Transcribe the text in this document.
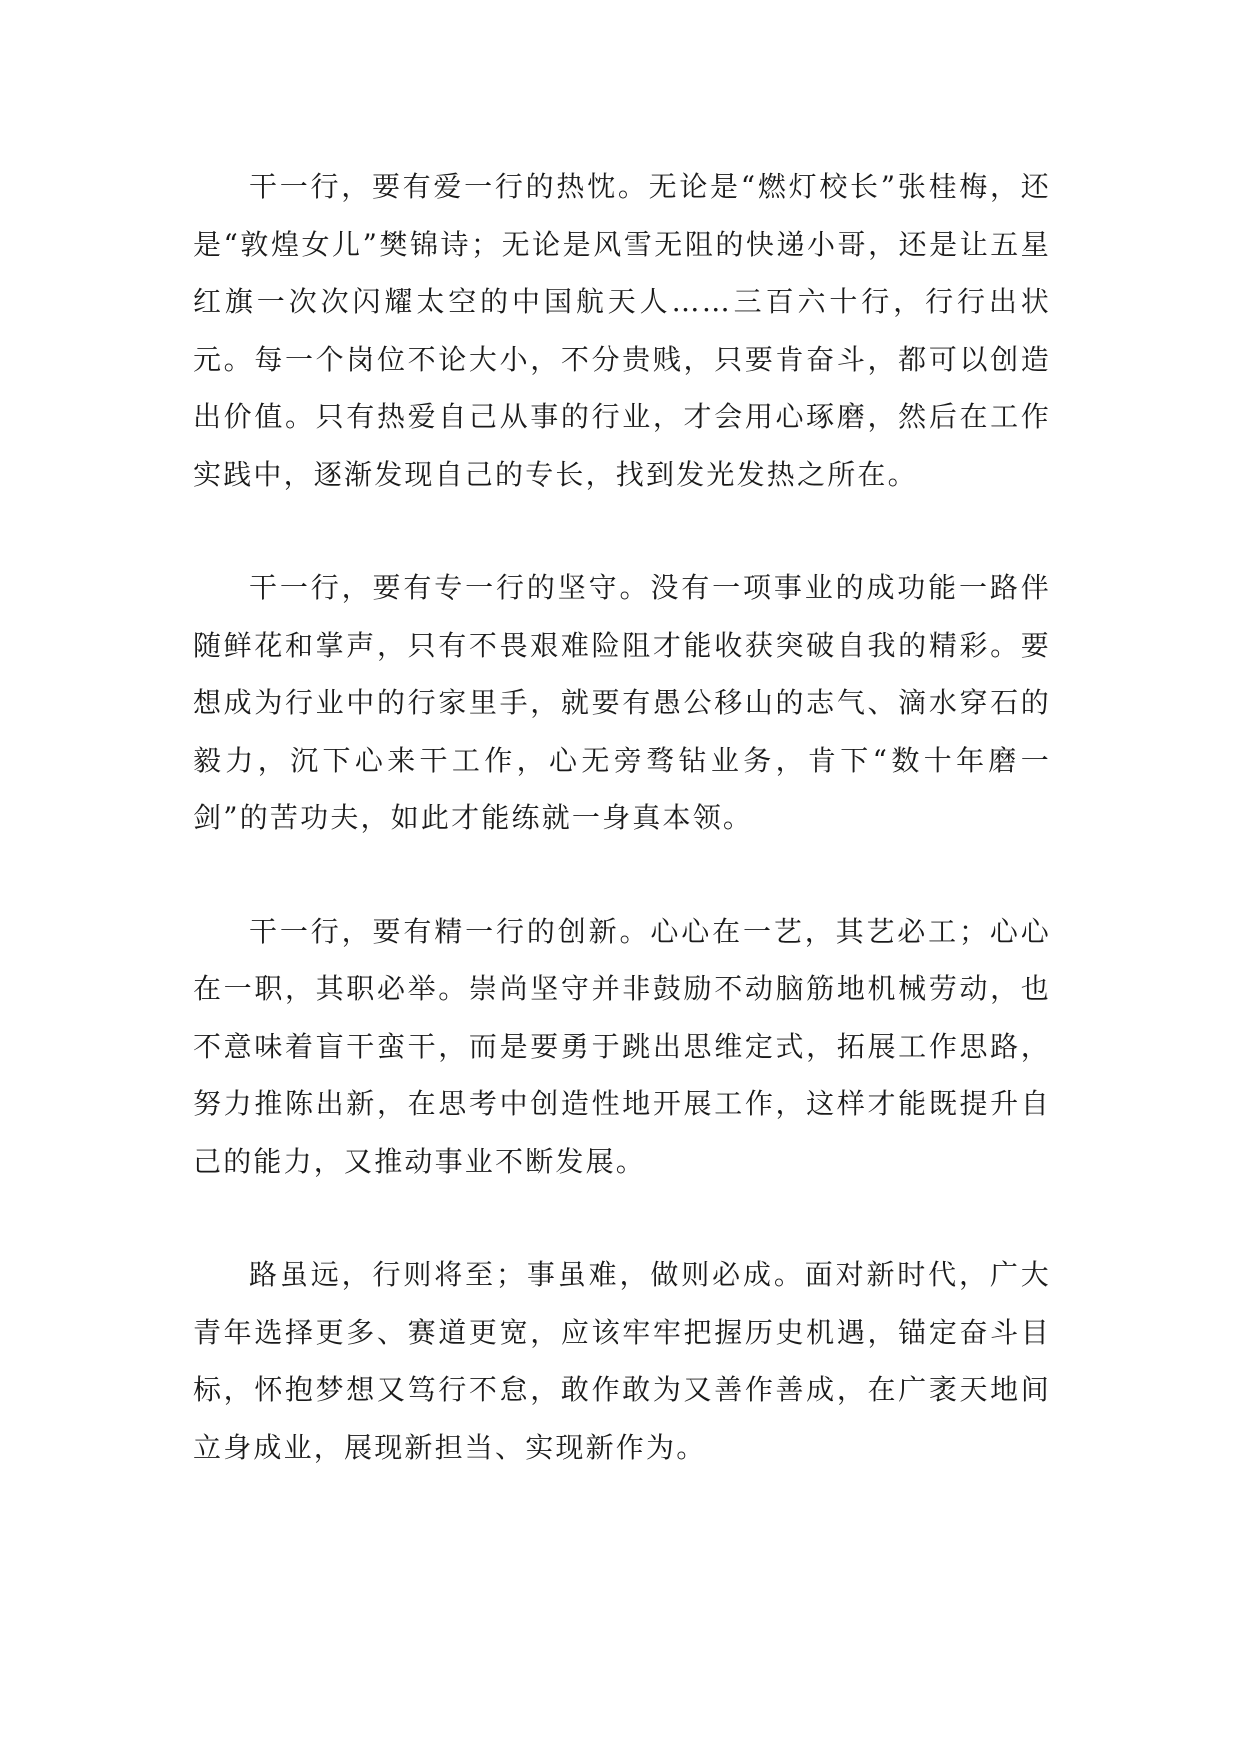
干一行，要有爱一行的热忱。无论是“燃灯校长”张桂梅，还是“敦煌女儿”樊锦诗；无论是风雪无阻的快递小哥，还是让五星红旗一次次闪耀太空的中国航天人……三百六十行，行行出状元。每一个岗位不论大小，不分贵贱，只要肯奋斗，都可以创造出价值。只有热爱自己从事的行业，才会用心琢磨，然后在工作实践中，逐渐发现自己的专长，找到发光发热之所在。

干一行，要有专一行的坚守。没有一项事业的成功能一路伴随鲜花和掌声，只有不畏艰难险阻才能收获突破自我的精彩。要想成为行业中的行家里手，就要有愚公移山的志气、滴水穿石的毅力，沉下心来干工作，心无旁骛钻业务，肯下“数十年磨一剑”的苦功夫，如此才能练就一身真本领。

干一行，要有精一行的创新。心心在一艺，其艺必工；心心在一职，其职必举。崇尚坚守并非鼓励不动脑筋地机械劳动，也不意味着盲干蛮干，而是要勇于跳出思维定式，拓展工作思路，努力推陈出新，在思考中创造性地开展工作，这样才能既提升自己的能力，又推动事业不断发展。

路虽远，行则将至；事虽难，做则必成。面对新时代，广大青年选择更多、赛道更宽，应该牢牢把握历史机遇，锚定奋斗目标，怀抱梦想又笃行不怠，敢作敢为又善作善成，在广袤天地间立身成业，展现新担当、实现新作为。
